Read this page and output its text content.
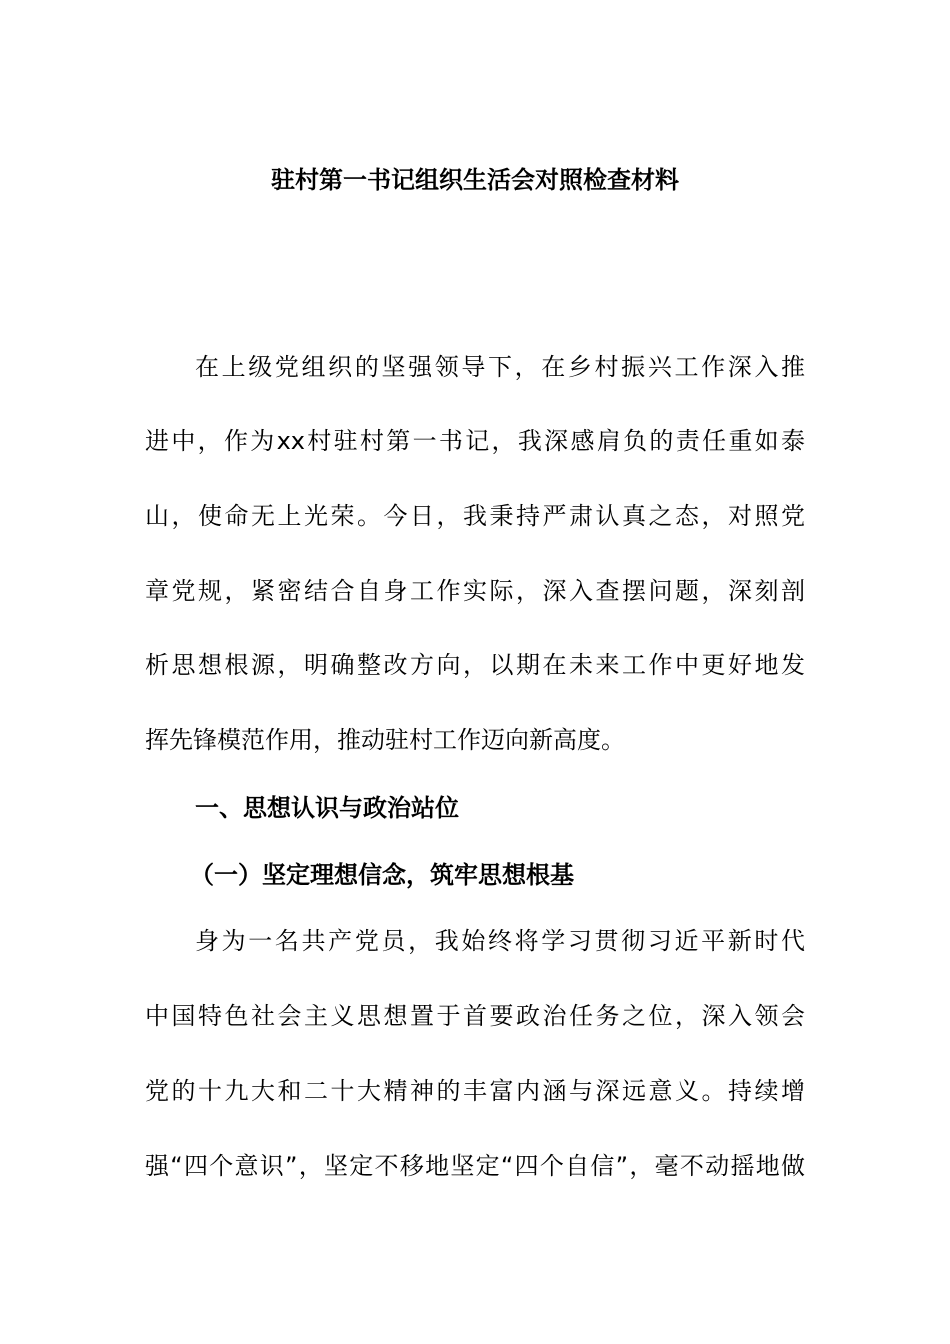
驻村第一书记组织生活会对照检查材料

在上级党组织的坚强领导下，在乡村振兴工作深入推

进中，作为xx村驻村第一书记，我深感肩负的责任重如泰

山，使命无上光荣。今日，我秉持严肃认真之态，对照党

章党规，紧密结合自身工作实际，深入查摆问题，深刻剖

析思想根源，明确整改方向，以期在未来工作中更好地发

挥先锋模范作用，推动驻村工作迈向新高度。

一、思想认识与政治站位

（一）坚定理想信念，筑牢思想根基

身为一名共产党员，我始终将学习贯彻习近平新时代

中国特色社会主义思想置于首要政治任务之位，深入领会

党的十九大和二十大精神的丰富内涵与深远意义。持续增

强“四个意识”，坚定不移地坚定“四个自信”，毫不动摇地做
